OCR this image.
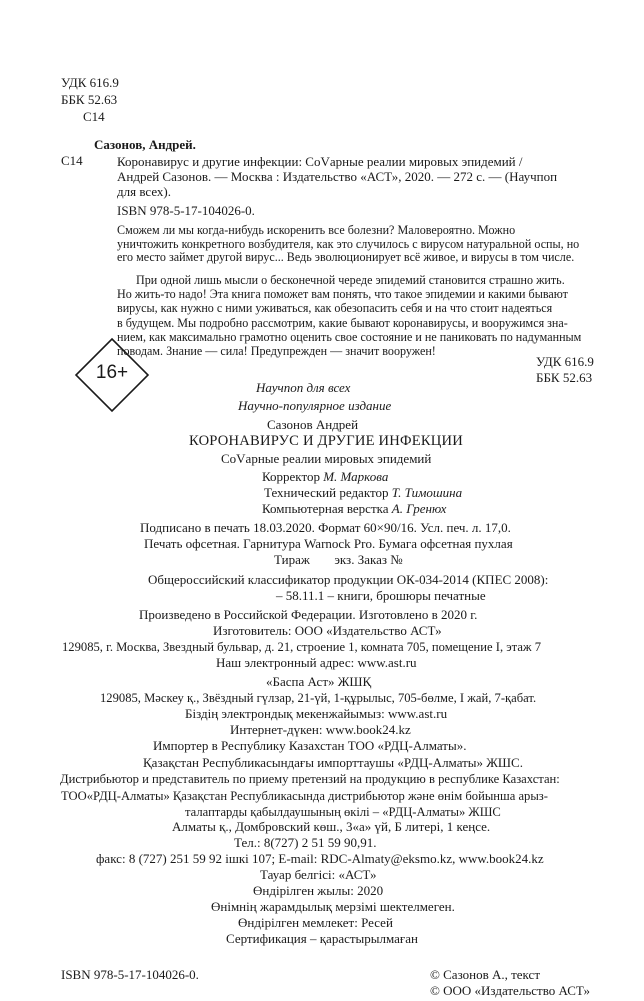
УДК 616.9
ББК 52.63
С14
Сазонов, Андрей.
С14	Коронавирус и другие инфекции: CoVарные реалии мировых эпидемий /
Андрей Сазонов. — Москва : Издательство «АСТ», 2020. — 272 с. — (Научпоп
для всех).
ISBN 978-5-17-104026-0.
Сможем ли мы когда-нибудь искоренить все болезни? Маловероятно. Можно
уничтожить конкретного возбудителя, как это случилось с вирусом натуральной оспы, но
его место займет другой вирус... Ведь эволюционирует всё живое, и вирусы в том числе.
При одной лишь мысли о бесконечной череде эпидемий становится страшно жить.
Но жить-то надо! Эта книга поможет вам понять, что такое эпидемии и какими бывают
вирусы, как нужно с ними уживаться, как обезопасить себя и на что стоит надеяться
в будущем. Мы подробно рассмотрим, какие бывают коронавирусы, и вооружимся зна-
нием, как максимально грамотно оценить свое состояние и не паниковать по надуманным
поводам. Знание — сила! Предупрежден — значит вооружен!
УДК 616.9
ББК 52.63
16+
Научпоп для всех
Научно-популярное издание
Сазонов Андрей
КОРОНАВИРУС И ДРУГИЕ ИНФЕКЦИИ
CoVарные реалии мировых эпидемий
Корректор М. Маркова
Технический редактор Т. Тимошина
Компьютерная верстка А. Гренюх
Подписано в печать 18.03.2020. Формат 60×90/16. Усл. печ. л. 17,0.
Печать офсетная. Гарнитура Warnock Pro. Бумага офсетная пухлая
Тираж экз. Заказ №
Общероссийский классификатор продукции ОК-034-2014 (КПЕС 2008):
– 58.11.1 – книги, брошюры печатные
Произведено в Российской Федерации. Изготовлено в 2020 г.
Изготовитель: ООО «Издательство АСТ»
129085, г. Москва, Звездный бульвар, д. 21, строение 1, комната 705, помещение I, этаж 7
Наш электронный адрес: www.ast.ru
«Баспа Аст» ЖШҚ
129085, Мәскеу қ., Звёздный гүлзар, 21-үй, 1-құрылыс, 705-бөлме, I жай, 7-қабат.
Біздің электрондық мекенжайымыз: www.ast.ru
Интернет-дүкен: www.book24.kz
Импортер в Республику Казахстан ТОО «РДЦ-Алматы».
Қазақстан Республикасындағы импорттаушы «РДЦ-Алматы» ЖШС.
Дистрибьютор и представитель по приему претензий на продукцию в республике Казахстан:
ТОО«РДЦ-Алматы» Қазақстан Республикасында дистрибьютор және өнім бойынша арыз-
талаптарды қабылдаушының өкілі – «РДЦ-Алматы» ЖШС
Алматы қ., Домбровский көш., 3«а» үй, Б литері, 1 кеңсе.
Тел.: 8(727) 2 51 59 90,91.
факс: 8 (727) 251 59 92 ішкі 107; E-mail: RDC-Almaty@eksmo.kz, www.book24.kz
Тауар белгісі: «АСТ»
Өндірілген жылы: 2020
Өнімнің жарамдылық мерзімі шектелмеген.
Өндірілген мемлекет: Ресей
Сертификация – қарастырылмаған
ISBN 978-5-17-104026-0.	© Сазонов А., текст
© ООО «Издательство АСТ»
